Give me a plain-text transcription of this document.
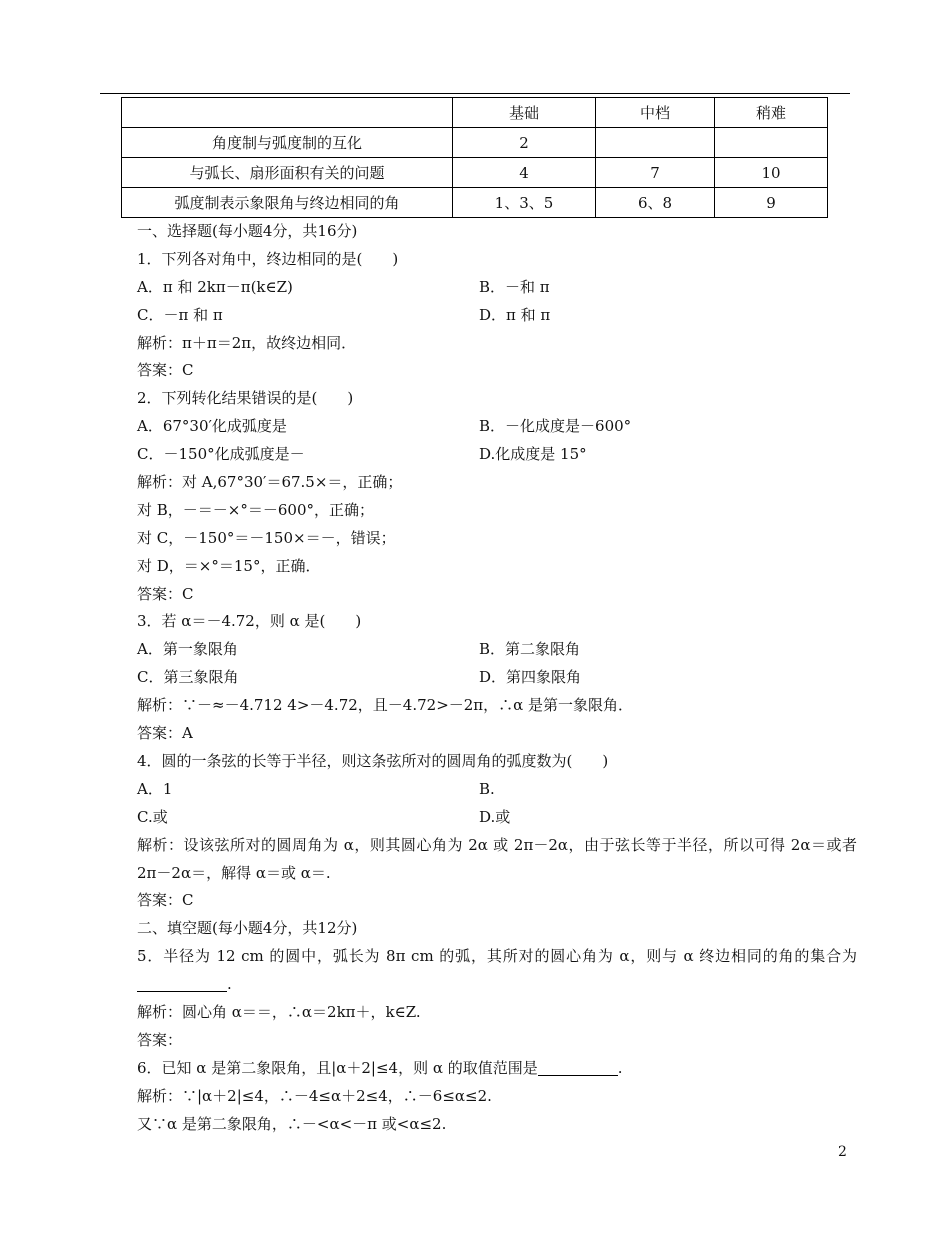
	基础	中档	稍难
角度制与弧度制的互化	2		
与弧长、扇形面积有关的问题	4	7	10
弧度制表示象限角与终边相同的角	1、3、5	6、8	9
一、选择题(每小题4分，共16分)
1．下列各对角中，终边相同的是(　　)
A．π 和 2kπ－π(k∈Z)	B．－和 π
C．－π 和 π	D．π 和 π
解析：π＋π＝2π，故终边相同．
答案：C
2．下列转化结果错误的是(　　)
A．67°30′化成弧度是	B．－化成度是－600°
C．－150°化成弧度是－	D.化成度是 15°
解析：对 A,67°30′＝67.5×＝，正确；
对 B，－＝－×°＝－600°，正确；
对 C，－150°＝－150×＝－，错误；
对 D，＝×°＝15°，正确．
答案：C
3．若 α＝－4.72，则 α 是(　　)
A．第一象限角	B．第二象限角
C．第三象限角	D．第四象限角
解析：∵－≈－4.712 4>－4.72，且－4.72>－2π，∴α 是第一象限角．
答案：A
4．圆的一条弦的长等于半径，则这条弦所对的圆周角的弧度数为(　　)
A．1	B.
C.或	D.或
解析：设该弦所对的圆周角为 α，则其圆心角为 2α 或 2π－2α，由于弦长等于半径，所以可得 2α＝或者 2π－2α＝，解得 α＝或 α＝.
答案：C
二、填空题(每小题4分，共12分)
5．半径为 12 cm 的圆中，弧长为 8π cm 的弧，其所对的圆心角为 α，则与 α 终边相同的角的集合为.
解析：圆心角 α＝＝，∴α＝2kπ＋，k∈Z.
答案：
6．已知 α 是第二象限角，且|α＋2|≤4，则 α 的取值范围是	.
解析：∵|α＋2|≤4，∴－4≤α＋2≤4，∴－6≤α≤2.
又∵α 是第二象限角，∴－<α<－π 或<α≤2.
2
